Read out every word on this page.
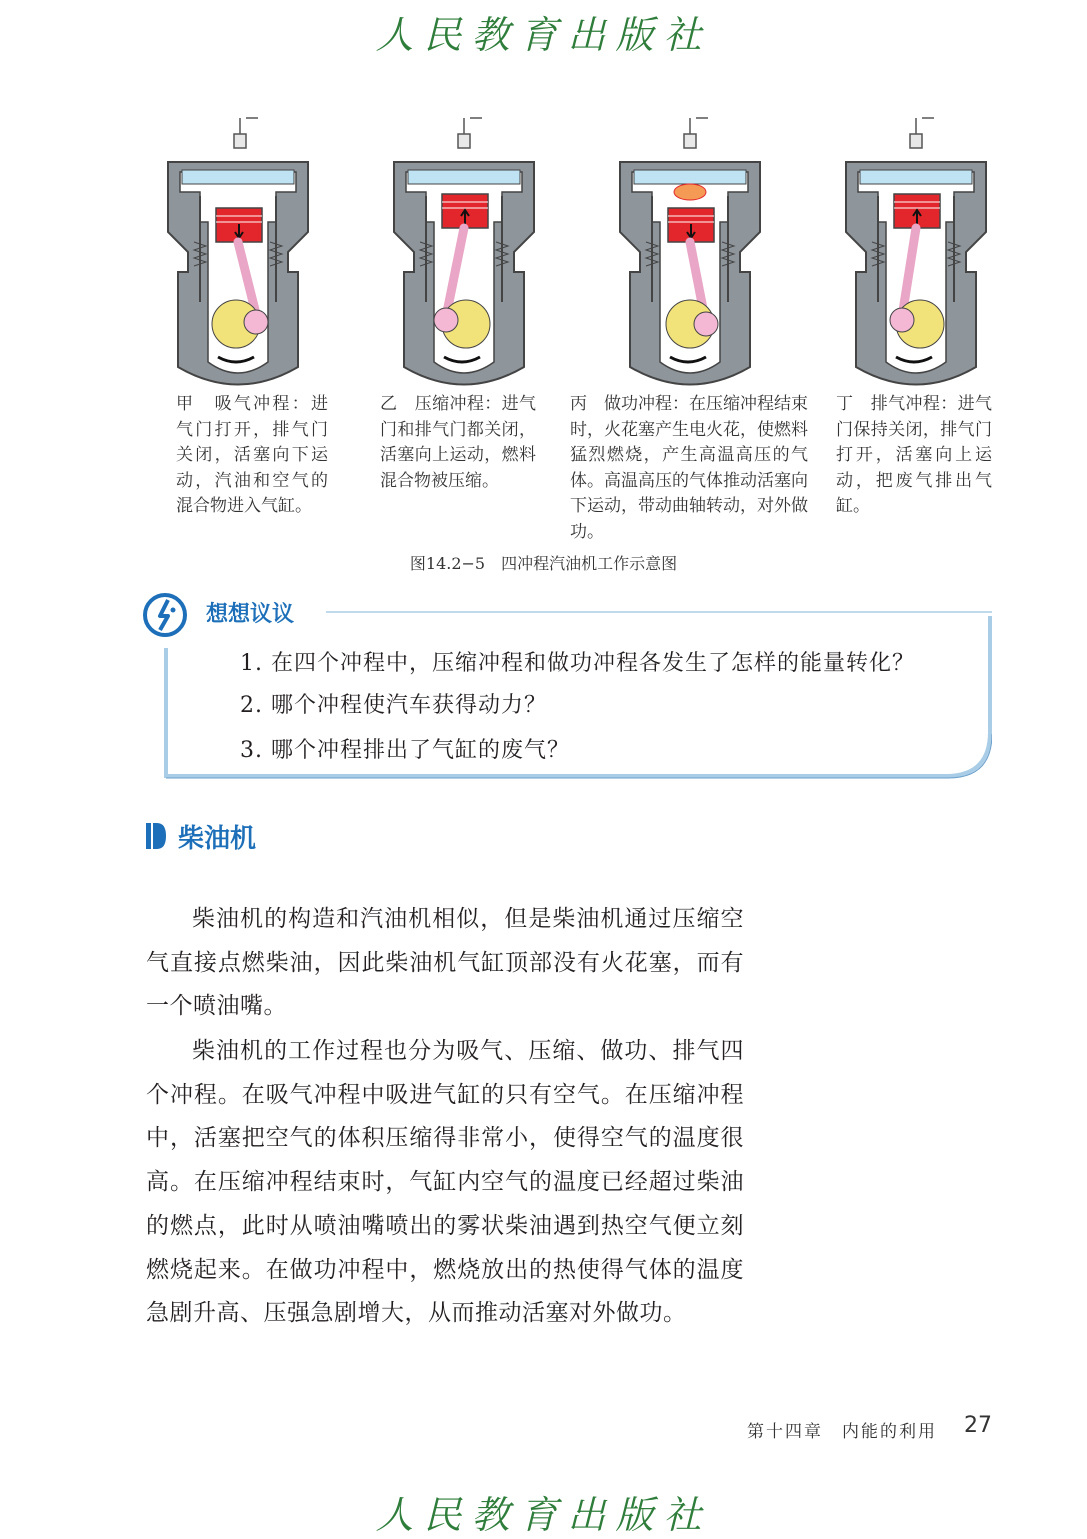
人民教育出版社
甲　吸气冲程：进气门打开，排气门关闭，活塞向下运动，汽油和空气的混合物进入气缸。
乙　压缩冲程：进气门和排气门都关闭，活塞向上运动，燃料混合物被压缩。
丙　做功冲程：在压缩冲程结束时，火花塞产生电火花，使燃料猛烈燃烧，产生高温高压的气体。高温高压的气体推动活塞向下运动，带动曲轴转动，对外做功。
丁　排气冲程：进气门保持关闭，排气门打开，活塞向上运动，把废气排出气缸。
图14.2−5　四冲程汽油机工作示意图
想想议议
1. 在四个冲程中，压缩冲程和做功冲程各发生了怎样的能量转化？
2. 哪个冲程使汽车获得动力？
3. 哪个冲程排出了气缸的废气？
柴油机
柴油机的构造和汽油机相似，但是柴油机通过压缩空气直接点燃柴油，因此柴油机气缸顶部没有火花塞，而有一个喷油嘴。
柴油机的工作过程也分为吸气、压缩、做功、排气四个冲程。在吸气冲程中吸进气缸的只有空气。在压缩冲程中，活塞把空气的体积压缩得非常小，使得空气的温度很高。在压缩冲程结束时，气缸内空气的温度已经超过柴油的燃点，此时从喷油嘴喷出的雾状柴油遇到热空气便立刻燃烧起来。在做功冲程中，燃烧放出的热使得气体的温度急剧升高、压强急剧增大，从而推动活塞对外做功。
第十四章　内能的利用 27
人民教育出版社
